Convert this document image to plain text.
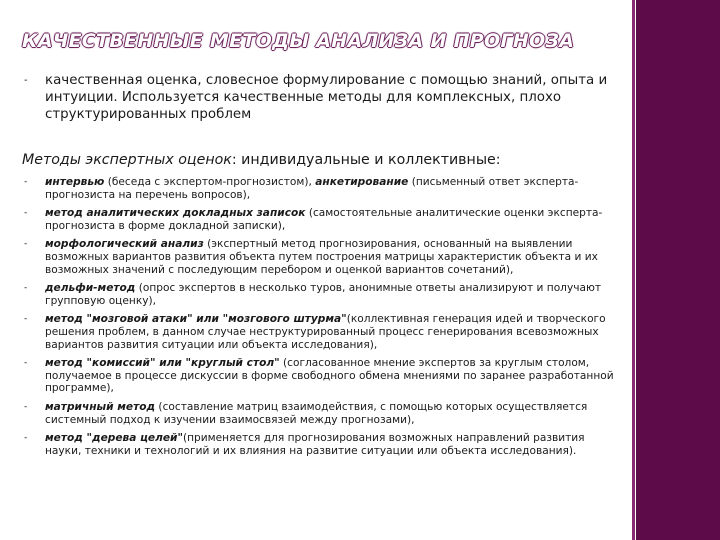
КАЧЕСТВЕННЫЕ МЕТОДЫ АНАЛИЗА И ПРОГНОЗА
- качественная оценка, словесное формулирование с помощью знаний, опыта и интуиции. Используется качественные методы для комплексных, плохо структурированных проблем
Методы экспертных оценок: индивидуальные и коллективные:
- интервью (беседа с экспертом-прогнозистом), анкетирование (письменный ответ эксперта-прогнозиста на перечень вопросов),
- метод аналитических докладных записок (самостоятельные аналитические оценки эксперта-прогнозиста в форме докладной записки),
- морфологический анализ (экспертный метод прогнозирования, основанный на выявлении возможных вариантов развития объекта путем построения матрицы характеристик объекта и их возможных значений с последующим перебором и оценкой вариантов сочетаний),
- дельфи-метод (опрос экспертов в несколько туров, анонимные ответы анализируют и получают групповую оценку),
- метод "мозговой атаки" или "мозгового штурма"(коллективная генерация идей и творческого решения проблем, в данном случае неструктурированный процесс генерирования всевозможных вариантов развития ситуации или объекта исследования),
- метод "комиссий" или "круглый стол" (согласованное мнение экспертов за круглым столом, получаемое в процессе дискуссии в форме свободного обмена мнениями по заранее разработанной программе),
- матричный метод (составление матриц взаимодействия, с помощью которых осуществляется системный подход к изучении взаимосвязей между прогнозами),
- метод "дерева целей"(применяется для прогнозирования возможных направлений развития науки, техники и технологий и их влияния на развитие ситуации или объекта исследования).
